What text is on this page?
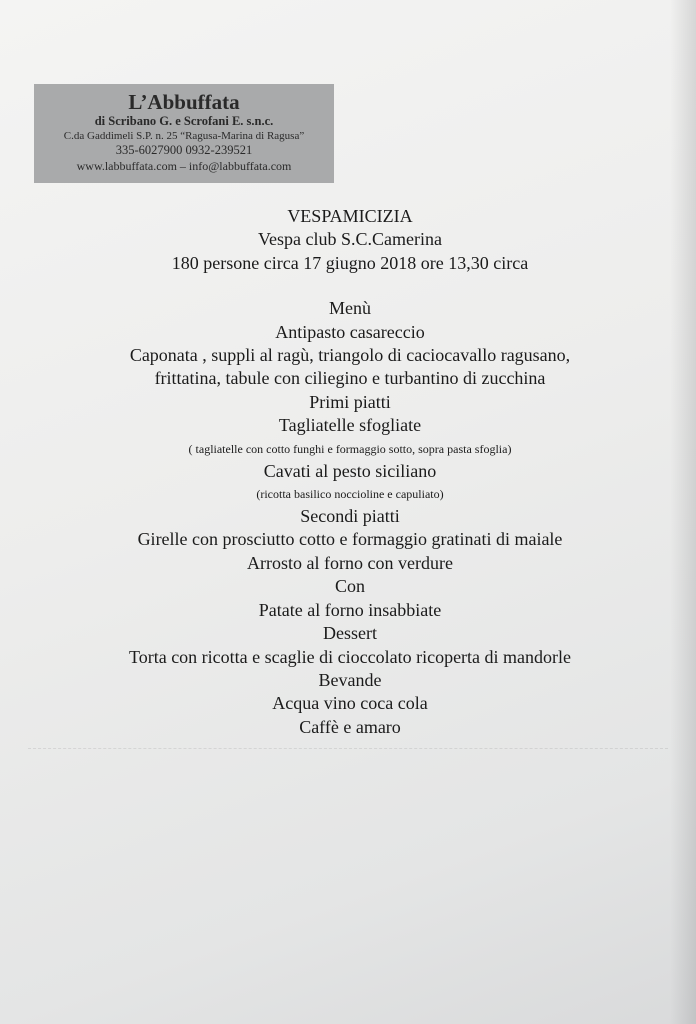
L’Abbuffata
di Scribano G. e Scrofani E. s.n.c.
C.da Gaddimeli S.P. n. 25 “Ragusa-Marina di Ragusa”
335-6027900 0932-239521
www.labbuffata.com – info@labbuffata.com
VESPAMICIZIA
Vespa club S.C.Camerina
180 persone circa 17 giugno 2018 ore 13,30 circa
Menù
Antipasto casareccio
Caponata , suppli al ragù, triangolo di caciocavallo ragusano,
frittatina, tabule con ciliegino e turbantino di zucchina
Primi piatti
Tagliatelle sfogliate
( tagliatelle con cotto funghi e formaggio sotto, sopra pasta sfoglia)
Cavati al pesto siciliano
(ricotta basilico noccioline e capuliato)
Secondi piatti
Girelle con prosciutto cotto e formaggio gratinati di maiale
Arrosto al forno con verdure
Con
Patate al forno insabbiate
Dessert
Torta con ricotta e scaglie di cioccolato ricoperta di mandorle
Bevande
Acqua vino coca cola
Caffè e amaro
